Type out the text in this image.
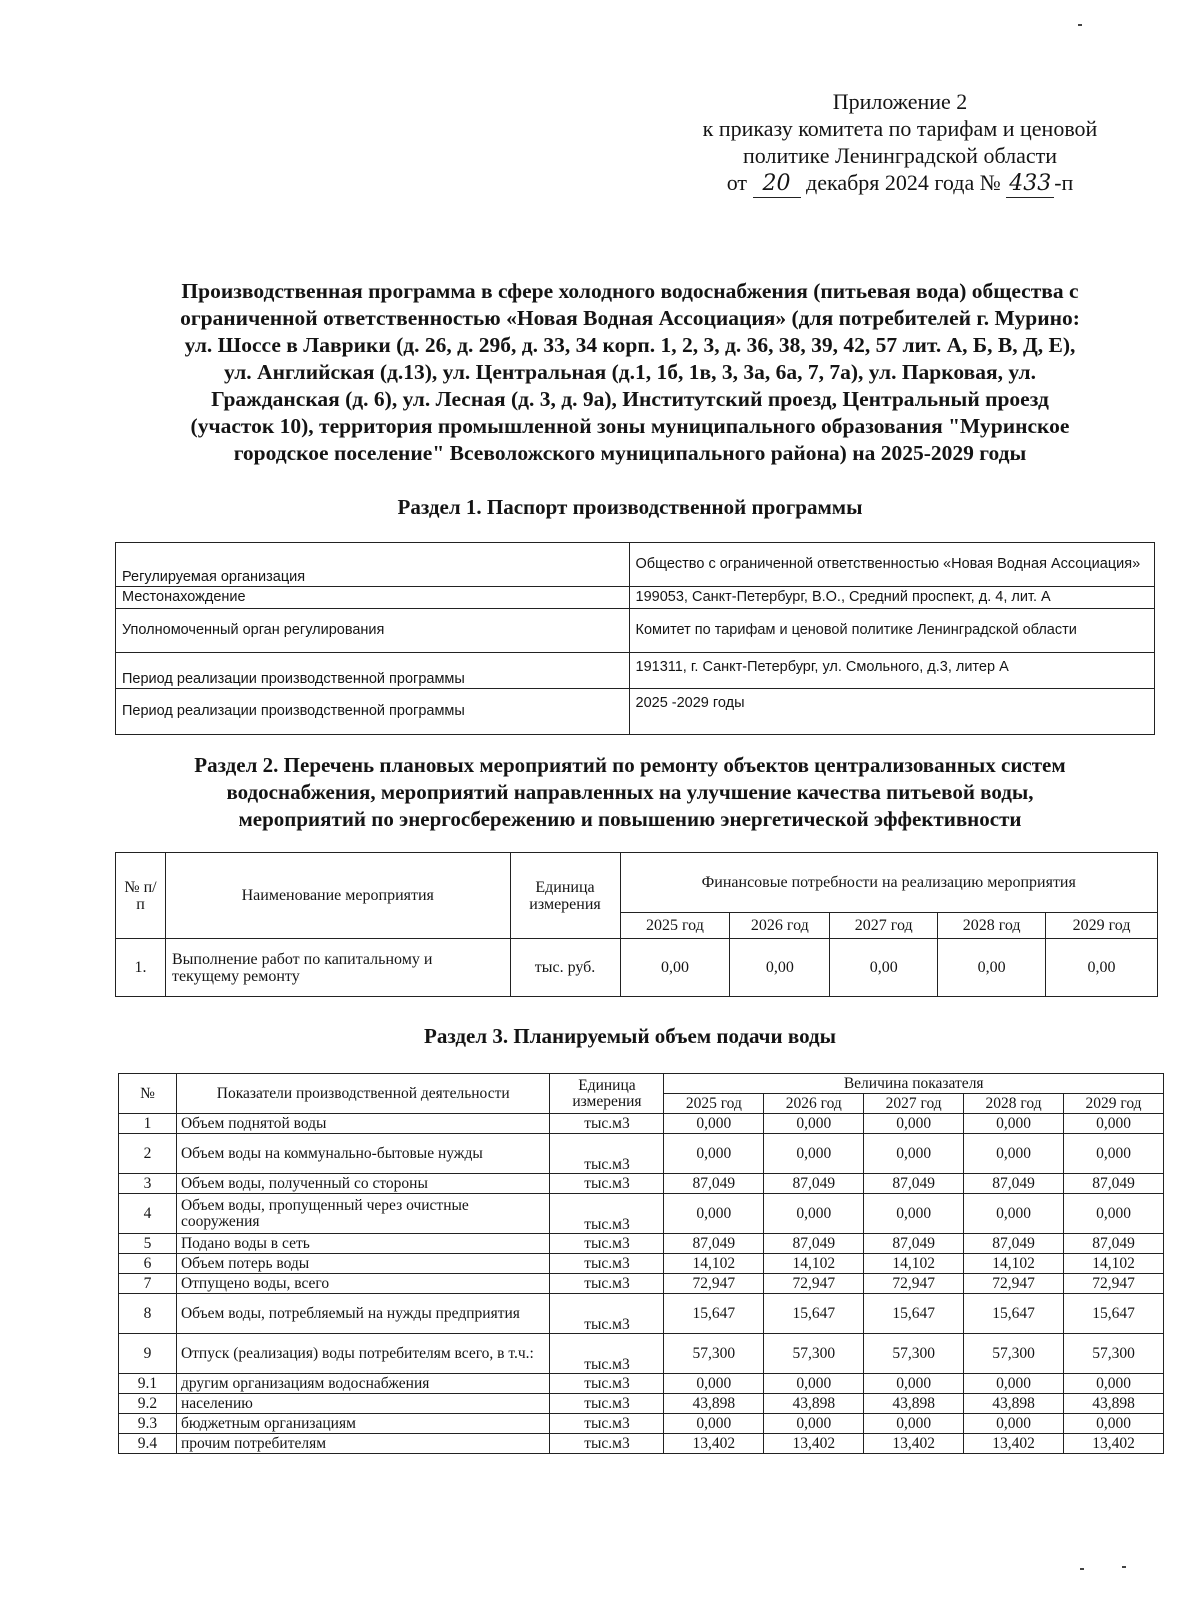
Приложение 2
к приказу комитета по тарифам и ценовой
политике Ленинградской области
от 20 декабря 2024 года № 433 -п
Производственная программа в сфере холодного водоснабжения (питьевая вода) общества с
ограниченной ответственностью «Новая Водная Ассоциация» (для потребителей г. Мурино:
ул. Шоссе в Лаврики (д. 26, д. 29б, д. 33, 34 корп. 1, 2, 3, д. 36, 38, 39, 42, 57 лит. А, Б, В, Д, Е),
ул. Английская (д.13), ул. Центральная (д.1, 1б, 1в, 3, 3а, 6а, 7, 7а), ул. Парковая, ул.
Гражданская (д. 6), ул. Лесная (д. 3, д. 9а), Институтский проезд, Центральный проезд
(участок 10), территория промышленной зоны муниципального образования "Муринское
городское поселение" Всеволожского муниципального района) на 2025-2029 годы
Раздел 1. Паспорт производственной программы
Регулируемая организация	Общество с ограниченной ответственностью «Новая Водная Ассоциация»
Местонахождение	199053, Санкт-Петербург, В.О., Средний проспект, д. 4, лит. А
Уполномоченный орган регулирования	Комитет по тарифам и ценовой политике Ленинградской области
Период реализации производственной программы	191311, г. Санкт-Петербург, ул. Смольного, д.3, литер А
Период реализации производственной программы	2025 -2029 годы
Раздел 2. Перечень плановых мероприятий по ремонту объектов централизованных систем
водоснабжения, мероприятий направленных на улучшение качества питьевой воды,
мероприятий по энергосбережению и повышению энергетической эффективности
№ п/п	Наименование мероприятия	Единица измерения	Финансовые потребности на реализацию мероприятия				
			2025 год	2026 год	2027 год	2028 год	2029 год
1.	Выполнение работ по капитальному и текущему ремонту	тыс. руб.	0,00	0,00	0,00	0,00	0,00
Раздел 3. Планируемый объем подачи воды
№	Показатели производственной деятельности	Единица измерения	Величина показателя				
			2025 год	2026 год	2027 год	2028 год	2029 год
1	Объем поднятой воды	тыс.м3	0,000	0,000	0,000	0,000	0,000
2	Объем воды на коммунально-бытовые нужды	тыс.м3	0,000	0,000	0,000	0,000	0,000
3	Объем воды, полученный со стороны	тыс.м3	87,049	87,049	87,049	87,049	87,049
4	Объем воды, пропущенный через очистные сооружения	тыс.м3	0,000	0,000	0,000	0,000	0,000
5	Подано воды в сеть	тыс.м3	87,049	87,049	87,049	87,049	87,049
6	Объем потерь воды	тыс.м3	14,102	14,102	14,102	14,102	14,102
7	Отпущено воды, всего	тыс.м3	72,947	72,947	72,947	72,947	72,947
8	Объем воды, потребляемый на нужды предприятия	тыс.м3	15,647	15,647	15,647	15,647	15,647
9	Отпуск (реализация) воды потребителям всего, в т.ч.:	тыс.м3	57,300	57,300	57,300	57,300	57,300
9.1	другим организациям водоснабжения	тыс.м3	0,000	0,000	0,000	0,000	0,000
9.2	населению	тыс.м3	43,898	43,898	43,898	43,898	43,898
9.3	бюджетным организациям	тыс.м3	0,000	0,000	0,000	0,000	0,000
9.4	прочим потребителям	тыс.м3	13,402	13,402	13,402	13,402	13,402
